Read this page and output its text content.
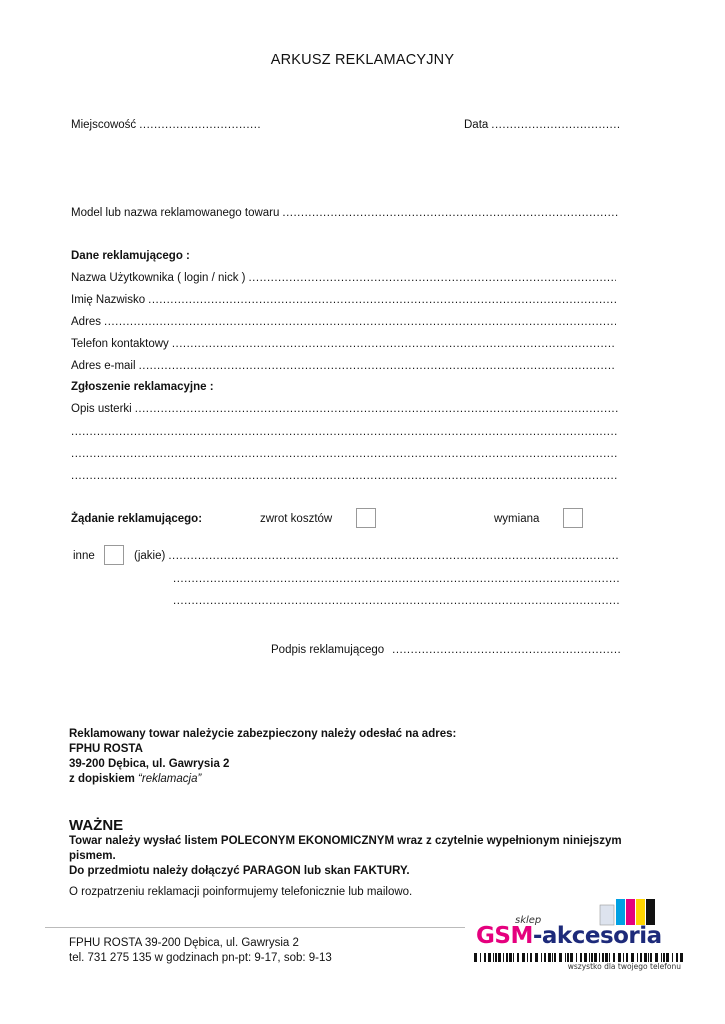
ARKUSZ REKLAMACYJNY
Miejscowość
.....	Data
.....
Model lub nazwa reklamowanego towaru
.....
Dane reklamującego :
Nazwa Użytkownika ( login / nick )
.....
Imię Nazwisko
.....
Adres
.....
Telefon kontaktowy
.....
Adres e-mail
.....
Zgłoszenie reklamacyjne :
Opis usterki
.....
.....
.....
.....
Żądanie reklamującego:	zwrot kosztów	wymiana
inne	(jakie)
.....
.....
.....
Podpis reklamującego
.....
Reklamowany towar należycie zabezpieczony należy odesłać na adres:
FPHU ROSTA
39-200 Dębica, ul. Gawrysia 2
z dopiskiem “reklamacja”
WAŻNE
Towar należy wysłać listem POLECONYM EKONOMICZNYM wraz z czytelnie wypełnionym niniejszym
pismem.
Do przedmiotu należy dołączyć PARAGON lub skan FAKTURY.
O rozpatrzeniu reklamacji poinformujemy telefonicznie lub mailowo.
FPHU ROSTA 39-200 Dębica, ul. Gawrysia 2
tel. 731 275 135 w godzinach pn-pt: 9-17, sob: 9-13
sklep
GSM-akcesoria
wszystko dla twojego telefonu
